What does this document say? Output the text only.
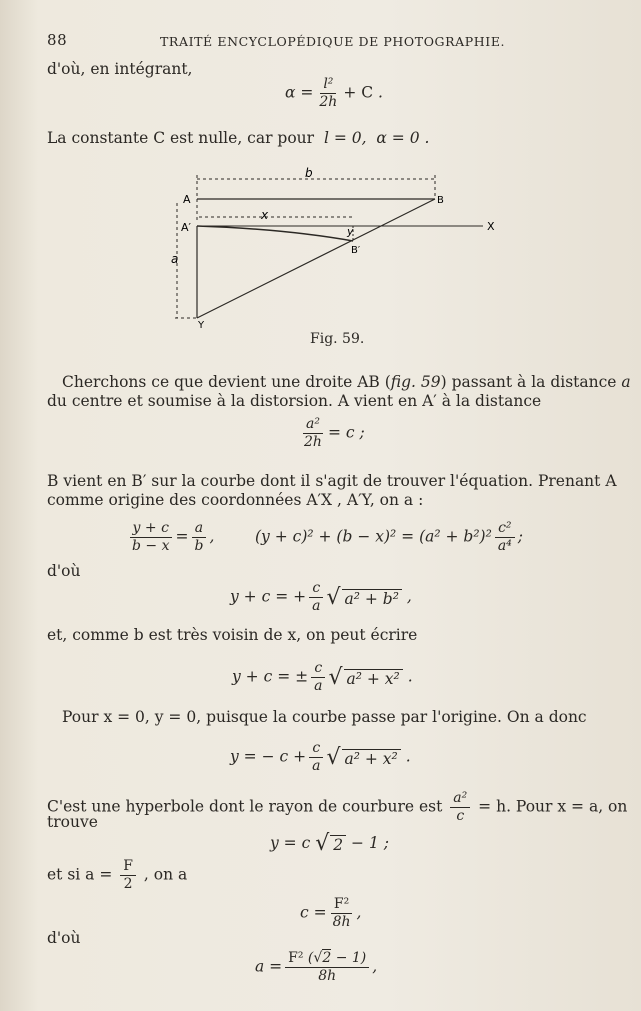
88	TRAITÉ ENCYCLOPÉDIQUE DE PHOTOGRAPHIE.
d'où, en intégrant,
$\alpha = \frac{\text{l²}}{2h} + C$ .
La constante C est nulle, car pour  l = 0,  α = 0 .
b
A	B
x
A′	X
y
B′
a
Y
Fig. 59.
Cherchons ce que devient une droite AB (fig. 59) passant à la distance a
du centre et soumise à la distorsion. A vient en A′ à la distance
$\frac{\text{a²}}{2h} = c$ ;
B vient en B′ sur la courbe dont il s'agit de trouver l'équation. Prenant A
comme origine des coordonnées A′X , A′Y, on a :
$\frac{y + c}{b - x} = \frac{a}{b}$ ,	$(y + c)^2 + (b - x)^2 = (a^2 + b^2)^2 \frac{\text{c²}}{\text{a⁴}}$ ;
d'où
y + c = + $\frac{c}{a}$ √ a² + b² ,
et, comme b est très voisin de x, on peut écrire
y + c = ± $\frac{c}{a}$ √ a² + x² .
Pour x = 0, y = 0, puisque la courbe passe par l'origine. On a donc
y = − $c + \frac{c}{a}$ √ a² + x² .
C'est une hyperbole dont le rayon de courbure est $\frac{\text{a²}}{c} = h$. Pour x = a, on
trouve
y = c √ 2 − 1 ;
et si $a = \frac{F}{2}$ , on a
$c = \frac{\text{F²}}{8h}$ ,
d'où
$a = \frac{\text{F² (√2 − 1)}}{8h}$ ,
